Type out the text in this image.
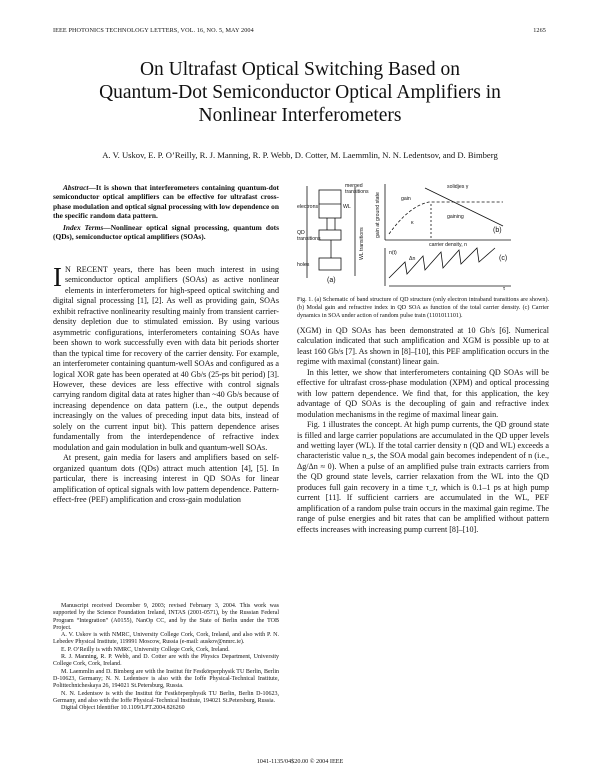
IEEE PHOTONICS TECHNOLOGY LETTERS, VOL. 16, NO. 5, MAY 2004	1265
On Ultrafast Optical Switching Based on
Quantum-Dot Semiconductor Optical Amplifiers in
Nonlinear Interferometers
A. V. Uskov, E. P. O’Reilly, R. J. Manning, R. P. Webb, D. Cotter, M. Laemmlin, N. N. Ledentsov, and D. Bimberg

Abstract—It is shown that interferometers containing quantum-dot semiconductor optical amplifiers can be effective for ultrafast cross-phase modulation and optical signal processing with low dependence on the specific random data pattern.

Index Terms—Nonlinear optical signal processing, quantum dots (QDs), semiconductor optical amplifiers (SOAs).

I N RECENT years, there has been much interest in using semiconductor optical amplifiers (SOAs) as active nonlinear elements in interferometers for high-speed optical switching and digital signal processing [1], [2]. As well as providing gain, SOAs exhibit refractive nonlinearity resulting mainly from transient carrier-density depletion due to stimulated emission. By using various asymmetric configurations, interferometers containing SOAs have been shown to work successfully even with data bit periods shorter than the typical time for recovery of the carrier density. For example, an interferometer containing quantum-well SOAs and configured as a logical XOR gate has been operated at 40 Gb/s (25-ps bit period) [3]. However, these devices are less effective with control signals carrying random digital data at rates higher than ~40 Gb/s because of increasing dependence on data pattern (i.e., the output depends increasingly on the values of preceding input data bits, instead of solely on the current input bit). This pattern dependence arises fundamentally from the interdependence of refractive index modulation and gain modulation in bulk and quantum-well SOAs.

At present, gain media for lasers and amplifiers based on self-organized quantum dots (QDs) attract much attention [4], [5]. In particular, there is increasing interest in QD SOAs for linear amplification of optical signals with low pattern dependence. Pattern-effect-free (PEF) amplification and cross-gain modulation

Manuscript received December 9, 2003; revised February 3, 2004. This work was supported by the Science Foundation Ireland, INTAS (2001-0571), by the Russian Federal Program “Integration” (A0155), NanOp CC, and by the State of Berlin under the TOB Project.

A. V. Uskov is with NMRC, University College Cork, Cork, Ireland, and also with P. N. Lebedev Physical Institute, 119991 Moscow, Russia (e-mail: auskov@nmrc.ie).

E. P. O’Reilly is with NMRC, University College Cork, Cork, Ireland.

R. J. Manning, R. P. Webb, and D. Cotter are with the Physics Department, University College Cork, Cork, Ireland.

M. Laemmlin and D. Bimberg are with the Institut für Festkörperphysik TU Berlin, Berlin D-10623, Germany; N. N. Ledentsov is also with the Ioffe Physical-Technical Institute, Polittechnicheskaya 26, 194021 St.Petersburg, Russia.

N. N. Ledentsov is with the Institut für Festkörperphysik TU Berlin, Berlin D-10623, Germany, and also with the Ioffe Physical-Technical Institute, 194021 St.Petersburg, Russia.

Digital Object Identifier 10.1109/LPT.2004.826260

merged
transitions
electrons	WL
QD
transitions
holes
WL transitions
(a)
gain at ground state
solidjes γ
gain
κ
gaining
carrier density, n
(b)
n(t)
Δn	(c)
τ
Fig. 1. (a) Schematic of band structure of QD structure (only electron intraband transitions are shown). (b) Modal gain and refractive index in QD SOA as function of the total carrier density. (c) Carrier dynamics in SOA under action of random pulse train (1101011101).

(XGM) in QD SOAs has been demonstrated at 10 Gb/s [6]. Numerical calculation indicated that such amplification and XGM is possible up to at least 160 Gb/s [7]. As shown in [8]–[10], this PEF amplification occurs in the regime with maximal (constant) linear gain.

In this letter, we show that interferometers containing QD SOAs will be effective for ultrafast cross-phase modulation (XPM) and optical processing with low pattern dependence. We find that, for this application, the key advantage of QD SOAs is the decoupling of gain and refractive index modulation mechanisms in the regime of maximal linear gain.

Fig. 1 illustrates the concept. At high pump currents, the QD ground state is filled and large carrier populations are accumulated in the QD upper levels and wetting layer (WL). If the total carrier density n (QD and WL) exceeds a characteristic value n_s, the SOA modal gain becomes independent of n (i.e., Δg/Δn ≈ 0). When a pulse of an amplified pulse train extracts carriers from the QD ground state levels, carrier relaxation from the WL into the QD produces full gain recovery in a time τ_r, which is 0.1–1 ps at high pump current [11]. If sufficient carriers are accumulated in the WL, PEF amplification of a random pulse train occurs in the maximal gain regime. The range of pulse energies and bit rates that can be amplified without pattern effects increases with increasing pump current [8]–[10].

1041-1135/04$20.00 © 2004 IEEE
